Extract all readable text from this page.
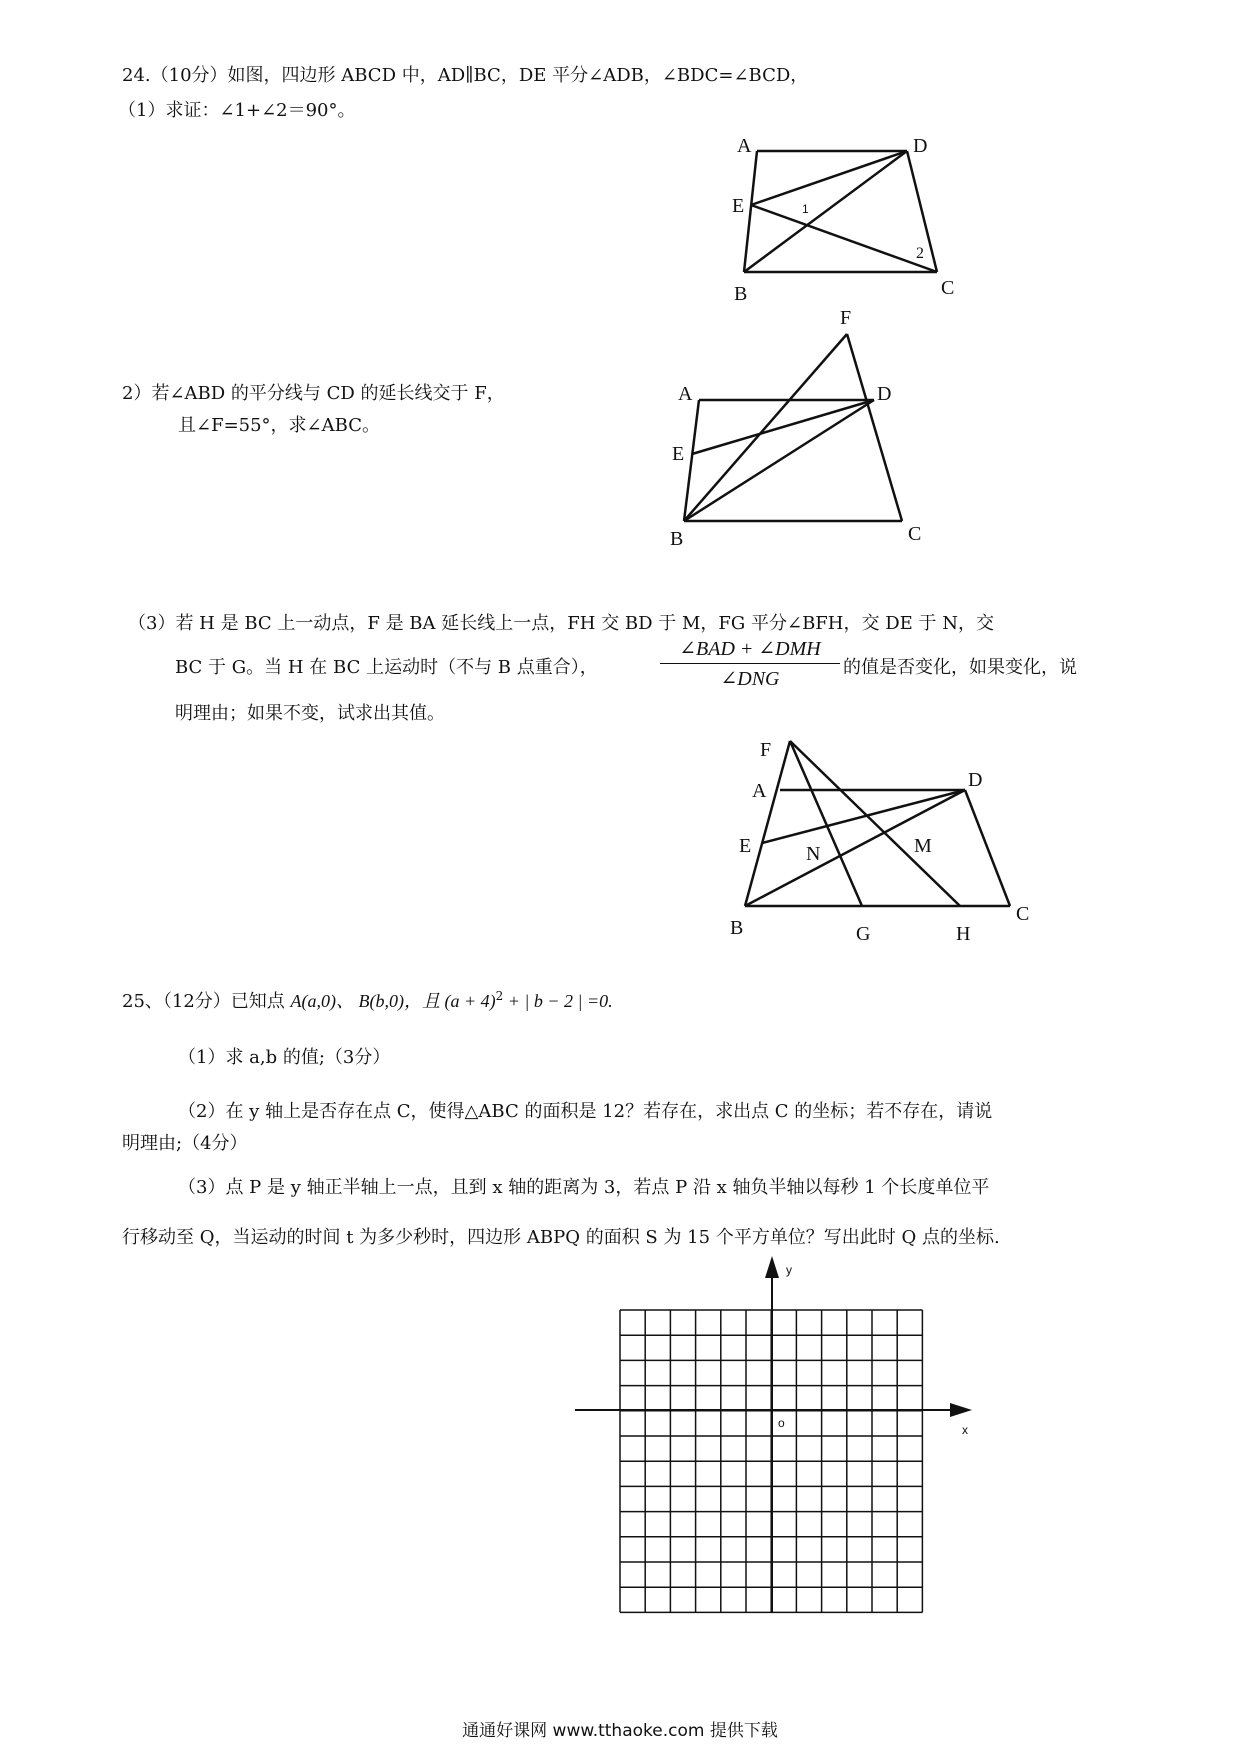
24.（10分）如图，四边形 ABCD 中，AD∥BC，DE 平分∠ADB，∠BDC=∠BCD，
（1）求证：∠1+∠2＝90°。
2）若∠ABD 的平分线与 CD 的延长线交于 F，
且∠F=55°，求∠ABC。
（3）若 H 是 BC 上一动点，F 是 BA 延长线上一点，FH 交 BD 于 M，FG 平分∠BFH，交 DE 于 N，交
BC 于 G。当 H 在 BC 上运动时（不与 B 点重合），
∠BAD + ∠DMH
∠DNG
的值是否变化，如果变化，说
明理由；如果不变，试求出其值。
25、（12分）已知点 A(a,0)、 B(b,0)，且 $(a + 4)^2$ + | b − 2 | =0.
（1）求 a,b 的值;（3分）
（2）在 y 轴上是否存在点 C，使得△ABC 的面积是 12？若存在，求出点 C 的坐标；若不存在，请说
明理由;（4分）
（3）点 P 是 y 轴正半轴上一点，且到 x 轴的距离为 3，若点 P 沿 x 轴负半轴以每秒 1 个长度单位平
行移动至 Q，当运动的时间 t 为多少秒时，四边形 ABPQ 的面积 S 为 15 个平方单位？写出此时 Q 点的坐标.
通通好课网 www.tthaoke.com 提供下载
A	D
E
B	C
1
2
F
A	D
E
B	C
F
A	D
E	N	M
B	G	H
C
x
y
o
